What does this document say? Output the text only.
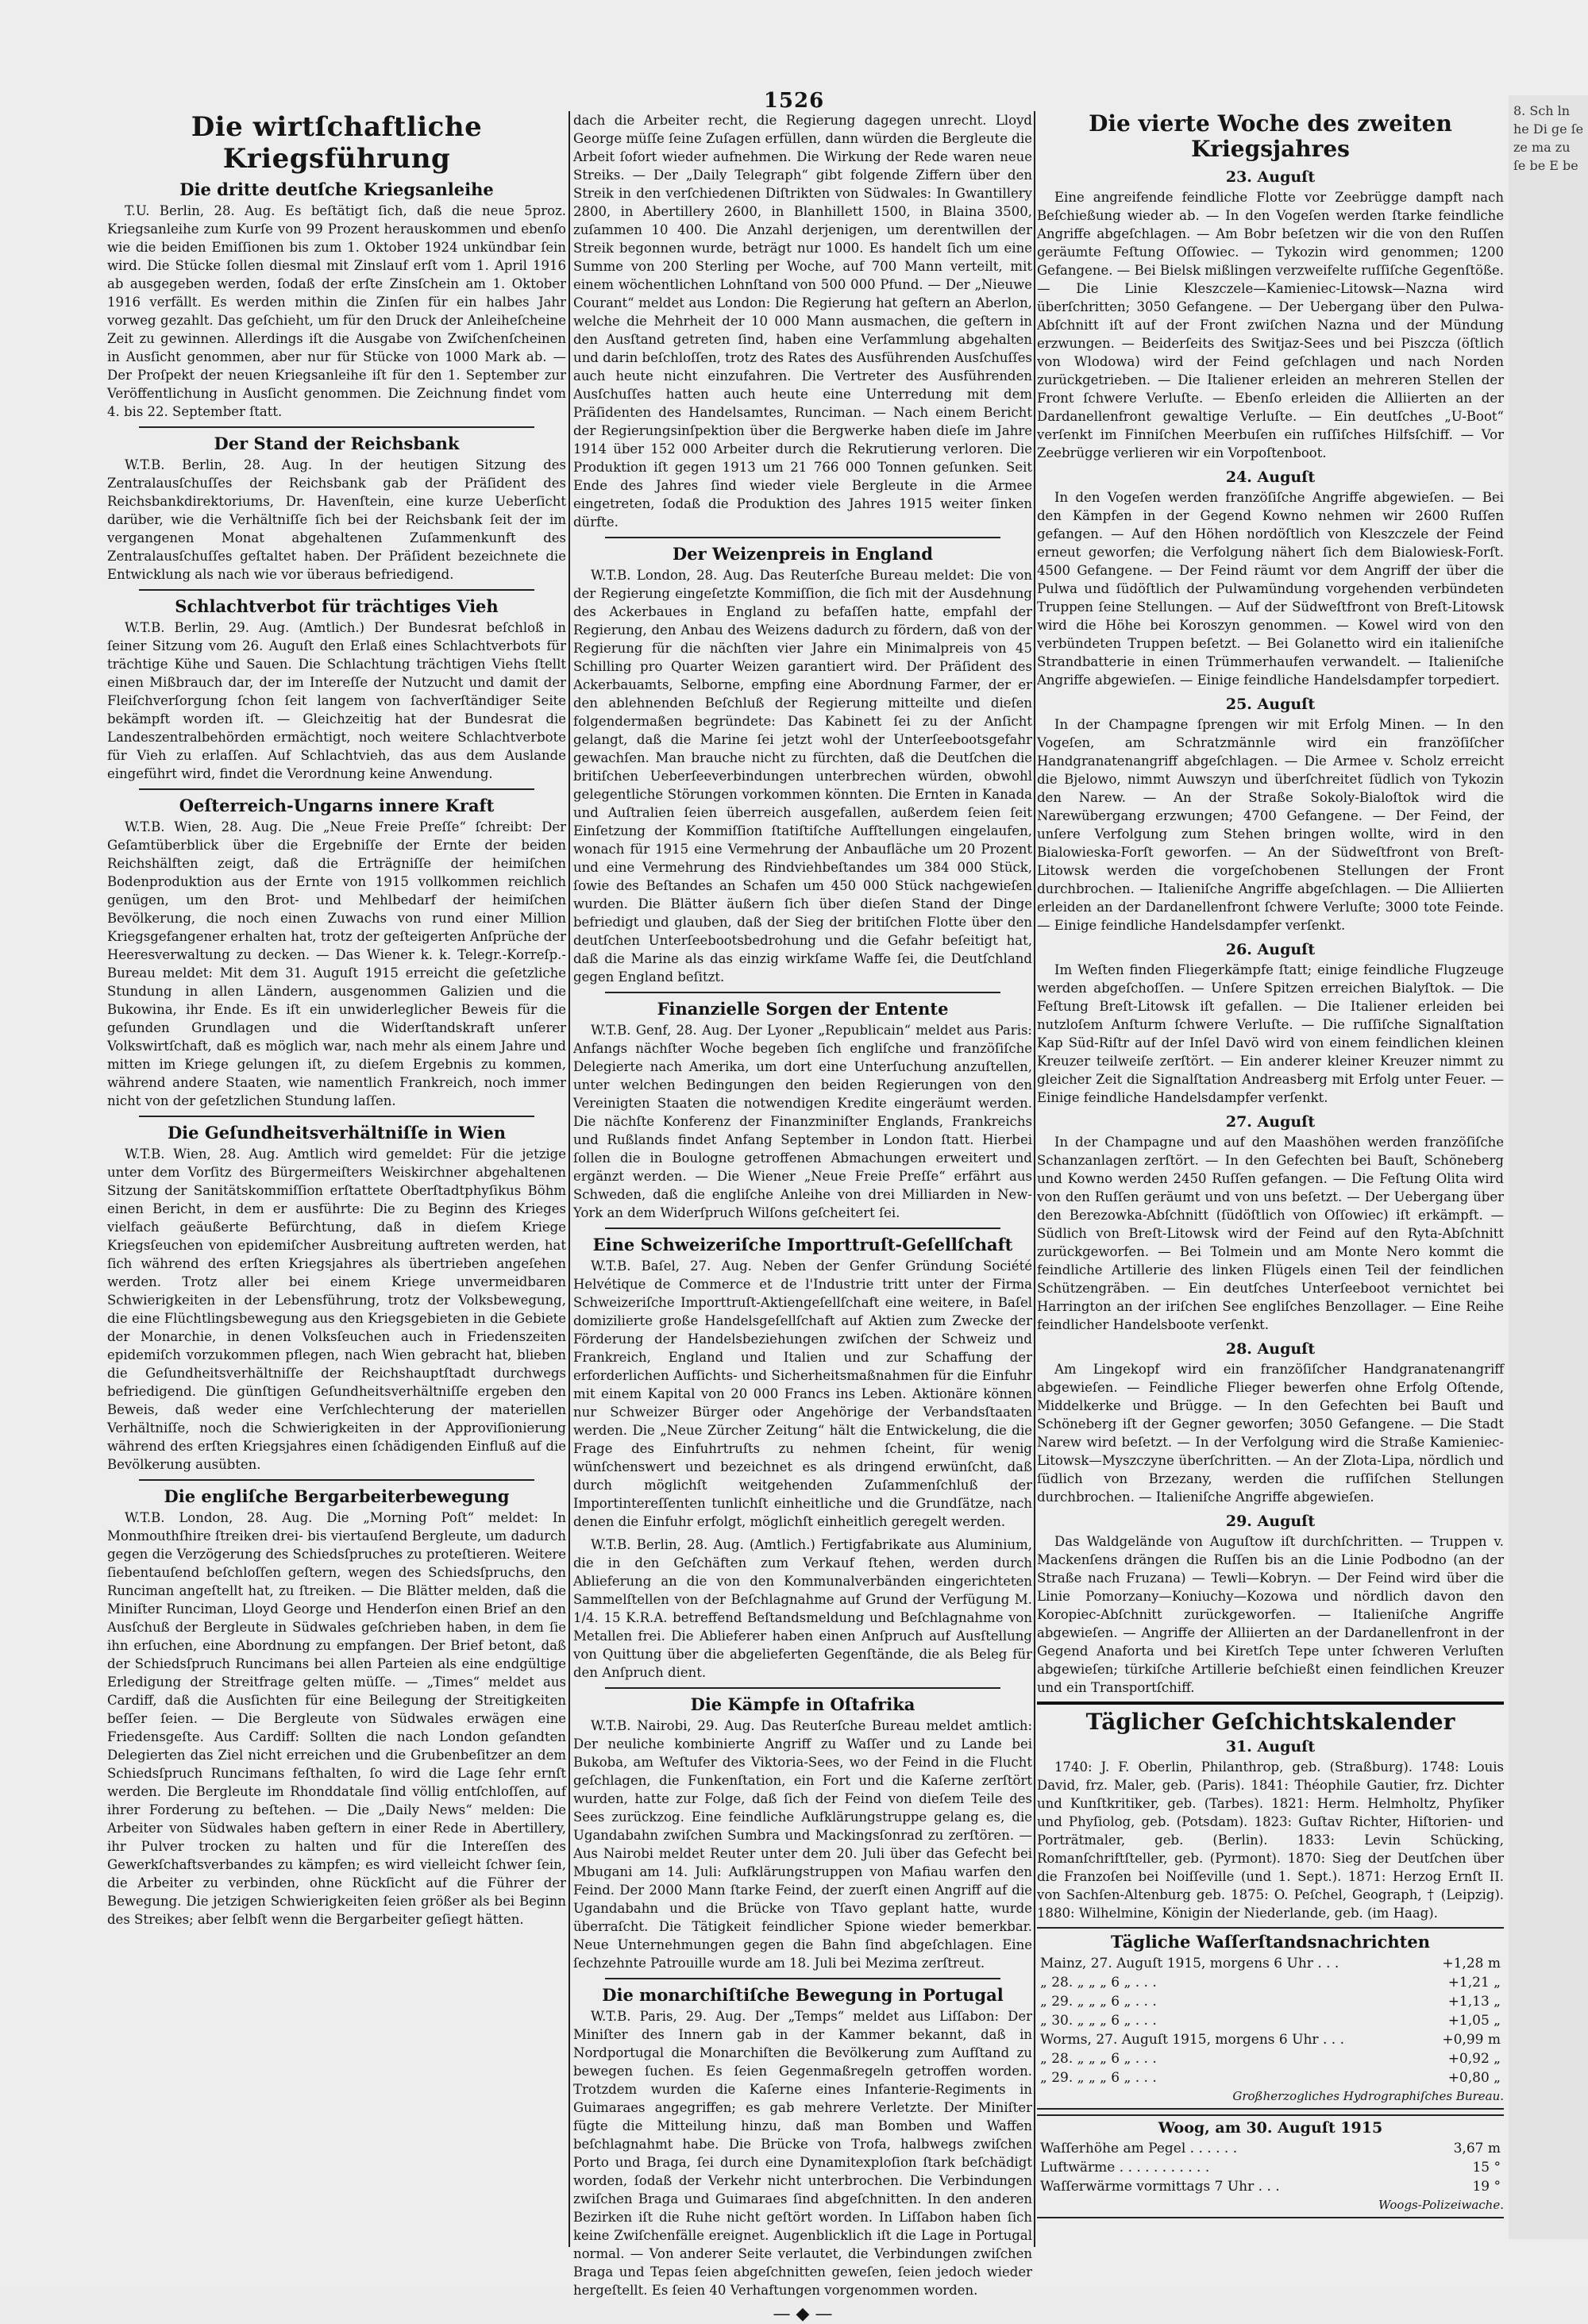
1526
Die wirtſchaftliche Kriegsführung
Die dritte deutſche Kriegsanleihe

T.U. Berlin, 28. Aug. Es beſtätigt ſich, daß die neue 5proz. Kriegsanleihe zum Kurſe von 99 Prozent herauskommen und ebenſo wie die beiden Emiſſionen bis zum 1. Oktober 1924 unkündbar ſein wird. Die Stücke ſollen diesmal mit Zinslauf erſt vom 1. April 1916 ab ausgegeben werden, ſodaß der erſte Zinsſchein am 1. Oktober 1916 verfällt. Es werden mithin die Zinſen für ein halbes Jahr vorweg gezahlt. Das geſchieht, um für den Druck der Anleiheſcheine Zeit zu gewinnen. Allerdings iſt die Ausgabe von Zwiſchenſcheinen in Ausſicht genommen, aber nur für Stücke von 1000 Mark ab. — Der Proſpekt der neuen Kriegsanleihe iſt für den 1. September zur Veröffentlichung in Ausſicht genommen. Die Zeichnung findet vom 4. bis 22. September ſtatt.

Der Stand der Reichsbank

W.T.B. Berlin, 28. Aug. In der heutigen Sitzung des Zentralausſchuſſes der Reichsbank gab der Präſident des Reichsbankdirektoriums, Dr. Havenſtein, eine kurze Ueberſicht darüber, wie die Verhältniſſe ſich bei der Reichsbank ſeit der im vergangenen Monat abgehaltenen Zuſammenkunft des Zentralausſchuſſes geſtaltet haben. Der Präſident bezeichnete die Entwicklung als nach wie vor überaus befriedigend.

Schlachtverbot für trächtiges Vieh

W.T.B. Berlin, 29. Aug. (Amtlich.) Der Bundesrat beſchloß in ſeiner Sitzung vom 26. Auguſt den Erlaß eines Schlachtverbots für trächtige Kühe und Sauen. Die Schlachtung trächtigen Viehs ſtellt einen Mißbrauch dar, der im Intereſſe der Nutzucht und damit der Fleiſchverſorgung ſchon ſeit langem von ſachverſtändiger Seite bekämpft worden iſt. — Gleichzeitig hat der Bundesrat die Landeszentralbehörden ermächtigt, noch weitere Schlachtverbote für Vieh zu erlaſſen. Auf Schlachtvieh, das aus dem Auslande eingeführt wird, findet die Verordnung keine Anwendung.

Oeſterreich-Ungarns innere Kraft

W.T.B. Wien, 28. Aug. Die „Neue Freie Preſſe“ ſchreibt: Der Geſamtüberblick über die Ergebniſſe der Ernte der beiden Reichshälften zeigt, daß die Erträgniſſe der heimiſchen Bodenproduktion aus der Ernte von 1915 vollkommen reichlich genügen, um den Brot- und Mehlbedarf der heimiſchen Bevölkerung, die noch einen Zuwachs von rund einer Million Kriegsgefangener erhalten hat, trotz der geſteigerten Anſprüche der Heeresverwaltung zu decken. — Das Wiener k. k. Telegr.-Korreſp.-Bureau meldet: Mit dem 31. Auguſt 1915 erreicht die geſetzliche Stundung in allen Ländern, ausgenommen Galizien und die Bukowina, ihr Ende. Es iſt ein unwiderleglicher Beweis für die geſunden Grundlagen und die Widerſtandskraft unſerer Volkswirtſchaft, daß es möglich war, nach mehr als einem Jahre und mitten im Kriege gelungen iſt, zu dieſem Ergebnis zu kommen, während andere Staaten, wie namentlich Frankreich, noch immer nicht von der geſetzlichen Stundung laſſen.

Die Geſundheitsverhältniſſe in Wien

W.T.B. Wien, 28. Aug. Amtlich wird gemeldet: Für die jetzige unter dem Vorſitz des Bürgermeiſters Weiskirchner abgehaltenen Sitzung der Sanitätskommiſſion erſtattete Oberſtadtphyſikus Böhm einen Bericht, in dem er ausführte: Die zu Beginn des Krieges vielfach geäußerte Befürchtung, daß in dieſem Kriege Kriegsſeuchen von epidemiſcher Ausbreitung auftreten werden, hat ſich während des erſten Kriegsjahres als übertrieben angeſehen werden. Trotz aller bei einem Kriege unvermeidbaren Schwierigkeiten in der Lebensführung, trotz der Volksbewegung, die eine Flüchtlingsbewegung aus den Kriegsgebieten in die Gebiete der Monarchie, in denen Volksſeuchen auch in Friedenszeiten epidemiſch vorzukommen pflegen, nach Wien gebracht hat, blieben die Geſundheitsverhältniſſe der Reichshauptſtadt durchwegs befriedigend. Die günſtigen Geſundheitsverhältniſſe ergeben den Beweis, daß weder eine Verſchlechterung der materiellen Verhältniſſe, noch die Schwierigkeiten in der Approviſionierung während des erſten Kriegsjahres einen ſchädigenden Einfluß auf die Bevölkerung ausübten.

Die engliſche Bergarbeiterbewegung

W.T.B. London, 28. Aug. Die „Morning Poſt“ meldet: In Monmouthſhire ſtreiken drei- bis viertauſend Bergleute, um dadurch gegen die Verzögerung des Schiedsſpruches zu proteſtieren. Weitere ſiebentauſend beſchloſſen geſtern, wegen des Schiedsſpruchs, den Runciman angeſtellt hat, zu ſtreiken. — Die Blätter melden, daß die Miniſter Runciman, Lloyd George und Henderſon einen Brief an den Ausſchuß der Bergleute in Südwales geſchrieben haben, in dem ſie ihn erſuchen, eine Abordnung zu empfangen. Der Brief betont, daß der Schiedsſpruch Runcimans bei allen Parteien als eine endgültige Erledigung der Streitfrage gelten müſſe. — „Times“ meldet aus Cardiff, daß die Ausſichten für eine Beilegung der Streitigkeiten beſſer ſeien. — Die Bergleute von Südwales erwägen eine Friedensgeſte. Aus Cardiff: Sollten die nach London geſandten Delegierten das Ziel nicht erreichen und die Grubenbeſitzer an dem Schiedsſpruch Runcimans feſthalten, ſo wird die Lage ſehr ernſt werden. Die Bergleute im Rhonddatale ſind völlig entſchloſſen, auf ihrer Forderung zu beſtehen. — Die „Daily News“ melden: Die Arbeiter von Südwales haben geſtern in einer Rede in Abertillery, ihr Pulver trocken zu halten und für die Intereſſen des Gewerkſchaftsverbandes zu kämpfen; es wird vielleicht ſchwer ſein, die Arbeiter zu verbinden, ohne Rückſicht auf die Führer der Bewegung. Die jetzigen Schwierigkeiten ſeien größer als bei Beginn des Streikes; aber ſelbſt wenn die Bergarbeiter geſiegt hätten.

dach die Arbeiter recht, die Regierung dagegen unrecht. Lloyd George müſſe ſeine Zuſagen erfüllen, dann würden die Bergleute die Arbeit ſofort wieder aufnehmen. Die Wirkung der Rede waren neue Streiks. — Der „Daily Telegraph“ gibt folgende Ziffern über den Streik in den verſchiedenen Diſtrikten von Südwales: In Gwantillery 2800, in Abertillery 2600, in Blanhillett 1500, in Blaina 3500, zuſammen 10 400. Die Anzahl derjenigen, um derentwillen der Streik begonnen wurde, beträgt nur 1000. Es handelt ſich um eine Summe von 200 Sterling per Woche, auf 700 Mann verteilt, mit einem wöchentlichen Lohnſtand von 500 000 Pfund. — Der „Nieuwe Courant“ meldet aus London: Die Regierung hat geſtern an Aberlon, welche die Mehrheit der 10 000 Mann ausmachen, die geſtern in den Ausſtand getreten ſind, haben eine Verſammlung abgehalten und darin beſchloſſen, trotz des Rates des Ausführenden Ausſchuſſes auch heute nicht einzufahren. Die Vertreter des Ausführenden Ausſchuſſes hatten auch heute eine Unterredung mit dem Präſidenten des Handelsamtes, Runciman. — Nach einem Bericht der Regierungsinſpektion über die Bergwerke haben dieſe im Jahre 1914 über 152 000 Arbeiter durch die Rekrutierung verloren. Die Produktion iſt gegen 1913 um 21 766 000 Tonnen geſunken. Seit Ende des Jahres ſind wieder viele Bergleute in die Armee eingetreten, ſodaß die Produktion des Jahres 1915 weiter ſinken dürfte.

Der Weizenpreis in England

W.T.B. London, 28. Aug. Das Reuterſche Bureau meldet: Die von der Regierung eingeſetzte Kommiſſion, die ſich mit der Ausdehnung des Ackerbaues in England zu befaſſen hatte, empfahl der Regierung, den Anbau des Weizens dadurch zu fördern, daß von der Regierung für die nächſten vier Jahre ein Minimalpreis von 45 Schilling pro Quarter Weizen garantiert wird. Der Präſident des Ackerbauamts, Selborne, empfing eine Abordnung Farmer, der er den ablehnenden Beſchluß der Regierung mitteilte und dieſen folgendermaßen begründete: Das Kabinett ſei zu der Anſicht gelangt, daß die Marine ſei jetzt wohl der Unterſeebootsgefahr gewachſen. Man brauche nicht zu fürchten, daß die Deutſchen die britiſchen Ueberſeeverbindungen unterbrechen würden, obwohl gelegentliche Störungen vorkommen könnten. Die Ernten in Kanada und Auſtralien ſeien überreich ausgefallen, außerdem ſeien ſeit Einſetzung der Kommiſſion ſtatiſtiſche Aufſtellungen eingelaufen, wonach für 1915 eine Vermehrung der Anbaufläche um 20 Prozent und eine Vermehrung des Rindviehbeſtandes um 384 000 Stück, ſowie des Beſtandes an Schafen um 450 000 Stück nachgewieſen wurden. Die Blätter äußern ſich über dieſen Stand der Dinge befriedigt und glauben, daß der Sieg der britiſchen Flotte über den deutſchen Unterſeebootsbedrohung und die Gefahr beſeitigt hat, daß die Marine als das einzig wirkſame Waffe ſei, die Deutſchland gegen England beſitzt.

Finanzielle Sorgen der Entente

W.T.B. Genf, 28. Aug. Der Lyoner „Republicain“ meldet aus Paris: Anfangs nächſter Woche begeben ſich engliſche und franzöſiſche Delegierte nach Amerika, um dort eine Unterſuchung anzuſtellen, unter welchen Bedingungen den beiden Regierungen von den Vereinigten Staaten die notwendigen Kredite eingeräumt werden. Die nächſte Konferenz der Finanzminiſter Englands, Frankreichs und Rußlands findet Anfang September in London ſtatt. Hierbei ſollen die in Boulogne getroffenen Abmachungen erweitert und ergänzt werden. — Die Wiener „Neue Freie Preſſe“ erfährt aus Schweden, daß die engliſche Anleihe von drei Milliarden in New-York an dem Widerſpruch Wilſons geſcheitert ſei.

Eine Schweizeriſche Importtruſt-Geſellſchaft

W.T.B. Baſel, 27. Aug. Neben der Genfer Gründung Société Helvétique de Commerce et de l'Industrie tritt unter der Firma Schweizeriſche Importtruſt-Aktiengeſellſchaft eine weitere, in Baſel domizilierte große Handelsgeſellſchaft auf Aktien zum Zwecke der Förderung der Handelsbeziehungen zwiſchen der Schweiz und Frankreich, England und Italien und zur Schaffung der erforderlichen Aufſichts- und Sicherheitsmaßnahmen für die Einfuhr mit einem Kapital von 20 000 Francs ins Leben. Aktionäre können nur Schweizer Bürger oder Angehörige der Verbandsſtaaten werden. Die „Neue Zürcher Zeitung“ hält die Entwickelung, die die Frage des Einfuhrtruſts zu nehmen ſcheint, für wenig wünſchenswert und bezeichnet es als dringend erwünſcht, daß durch möglichſt weitgehenden Zuſammenſchluß der Importintereſſenten tunlichſt einheitliche und die Grundſätze, nach denen die Einfuhr erfolgt, möglichſt einheitlich geregelt werden.

W.T.B. Berlin, 28. Aug. (Amtlich.) Fertigfabrikate aus Aluminium, die in den Geſchäften zum Verkauf ſtehen, werden durch Ablieferung an die von den Kommunalverbänden eingerichteten Sammelſtellen von der Beſchlagnahme auf Grund der Verfügung M. 1/4. 15 K.R.A. betreffend Beſtandsmeldung und Beſchlagnahme von Metallen frei. Die Ablieferer haben einen Anſpruch auf Ausſtellung von Quittung über die abgelieferten Gegenſtände, die als Beleg für den Anſpruch dient.

Die Kämpfe in Oſtafrika

W.T.B. Nairobi, 29. Aug. Das Reuterſche Bureau meldet amtlich: Der neuliche kombinierte Angriff zu Waſſer und zu Lande bei Bukoba, am Weſtufer des Viktoria-Sees, wo der Feind in die Flucht geſchlagen, die Funkenſtation, ein Fort und die Kaſerne zerſtört wurden, hatte zur Folge, daß ſich der Feind von dieſem Teile des Sees zurückzog. Eine feindliche Aufklärungstruppe gelang es, die Ugandabahn zwiſchen Sumbra und Mackingsſonrad zu zerſtören. — Aus Nairobi meldet Reuter unter dem 20. Juli über das Gefecht bei Mbugani am 14. Juli: Aufklärungstruppen von Mafiau warfen den Feind. Der 2000 Mann ſtarke Feind, der zuerſt einen Angriff auf die Ugandabahn und die Brücke von Tſavo geplant hatte, wurde überraſcht. Die Tätigkeit feindlicher Spione wieder bemerkbar. Neue Unternehmungen gegen die Bahn ſind abgeſchlagen. Eine ſechzehnte Patrouille wurde am 18. Juli bei Mezima zerſtreut.

Die monarchiſtiſche Bewegung in Portugal

W.T.B. Paris, 29. Aug. Der „Temps“ meldet aus Liſſabon: Der Miniſter des Innern gab in der Kammer bekannt, daß in Nordportugal die Monarchiſten die Bevölkerung zum Aufſtand zu bewegen ſuchen. Es ſeien Gegenmaßregeln getroffen worden. Trotzdem wurden die Kaſerne eines Infanterie-Regiments in Guimaraes angegriffen; es gab mehrere Verletzte. Der Miniſter fügte die Mitteilung hinzu, daß man Bomben und Waffen beſchlagnahmt habe. Die Brücke von Trofa, halbwegs zwiſchen Porto und Braga, ſei durch eine Dynamitexploſion ſtark beſchädigt worden, ſodaß der Verkehr nicht unterbrochen. Die Verbindungen zwiſchen Braga und Guimaraes ſind abgeſchnitten. In den anderen Bezirken iſt die Ruhe nicht geſtört worden. In Liſſabon haben ſich keine Zwiſchenfälle ereignet. Augenblicklich iſt die Lage in Portugal normal. — Von anderer Seite verlautet, die Verbindungen zwiſchen Braga und Tepas ſeien abgeſchnitten geweſen, ſeien jedoch wieder hergeſtellt. Es ſeien 40 Verhaftungen vorgenommen worden.

— ◆ —
Die vierte Woche des zweiten Kriegsjahres
23. Auguſt

Eine angreifende feindliche Flotte vor Zeebrügge dampft nach Beſchießung wieder ab. — In den Vogeſen werden ſtarke feindliche Angriffe abgeſchlagen. — Am Bobr beſetzen wir die von den Ruſſen geräumte Feſtung Oſſowiec. — Tykozin wird genommen; 1200 Gefangene. — Bei Bielsk mißlingen verzweifelte ruſſiſche Gegenſtöße. — Die Linie Kleszczele—Kamieniec-Litowsk—Nazna wird überſchritten; 3050 Gefangene. — Der Uebergang über den Pulwa-Abſchnitt iſt auf der Front zwiſchen Nazna und der Mündung erzwungen. — Beiderſeits des Switjaz-Sees und bei Piszcza (öſtlich von Wlodowa) wird der Feind geſchlagen und nach Norden zurückgetrieben. — Die Italiener erleiden an mehreren Stellen der Front ſchwere Verluſte. — Ebenſo erleiden die Alliierten an der Dardanellenfront gewaltige Verluſte. — Ein deutſches „U-Boot“ verſenkt im Finniſchen Meerbuſen ein ruſſiſches Hilfsſchiff. — Vor Zeebrügge verlieren wir ein Vorpoſtenboot.

24. Auguſt

In den Vogeſen werden franzöſiſche Angriffe abgewieſen. — Bei den Kämpfen in der Gegend Kowno nehmen wir 2600 Ruſſen gefangen. — Auf den Höhen nordöſtlich von Kleszczele der Feind erneut geworfen; die Verfolgung nähert ſich dem Bialowiesk-Forſt. 4500 Gefangene. — Der Feind räumt vor dem Angriff der über die Pulwa und ſüdöſtlich der Pulwamündung vorgehenden verbündeten Truppen ſeine Stellungen. — Auf der Südweſtfront von Breſt-Litowsk wird die Höhe bei Koroszyn genommen. — Kowel wird von den verbündeten Truppen beſetzt. — Bei Golanetto wird ein italieniſche Strandbatterie in einen Trümmerhaufen verwandelt. — Italieniſche Angriffe abgewieſen. — Einige feindliche Handelsdampfer torpediert.

25. Auguſt

In der Champagne ſprengen wir mit Erfolg Minen. — In den Vogeſen, am Schratzmännle wird ein franzöſiſcher Handgranatenangriff abgeſchlagen. — Die Armee v. Scholz erreicht die Bjelowo, nimmt Auwszyn und überſchreitet ſüdlich von Tykozin den Narew. — An der Straße Sokoly-Bialoſtok wird die Narewübergang erzwungen; 4700 Gefangene. — Der Feind, der unſere Verfolgung zum Stehen bringen wollte, wird in den Bialowieska-Forſt geworfen. — An der Südweſtfront von Breſt-Litowsk werden die vorgeſchobenen Stellungen der Front durchbrochen. — Italieniſche Angriffe abgeſchlagen. — Die Alliierten erleiden an der Dardanellenfront ſchwere Verluſte; 3000 tote Feinde. — Einige feindliche Handelsdampfer verſenkt.

26. Auguſt

Im Weſten finden Fliegerkämpfe ſtatt; einige feindliche Flugzeuge werden abgeſchoſſen. — Unſere Spitzen erreichen Bialyſtok. — Die Feſtung Breſt-Litowsk iſt gefallen. — Die Italiener erleiden bei nutzloſem Anſturm ſchwere Verluſte. — Die ruſſiſche Signalſtation Kap Süd-Riſtr auf der Inſel Davö wird von einem feindlichen kleinen Kreuzer teilweiſe zerſtört. — Ein anderer kleiner Kreuzer nimmt zu gleicher Zeit die Signalſtation Andreasberg mit Erfolg unter Feuer. — Einige feindliche Handelsdampfer verſenkt.

27. Auguſt

In der Champagne und auf den Maashöhen werden franzöſiſche Schanzanlagen zerſtört. — In den Gefechten bei Bauſt, Schöneberg und Kowno werden 2450 Ruſſen gefangen. — Die Feſtung Olita wird von den Ruſſen geräumt und von uns beſetzt. — Der Uebergang über den Berezowka-Abſchnitt (ſüdöſtlich von Oſſowiec) iſt erkämpft. — Südlich von Breſt-Litowsk wird der Feind auf den Ryta-Abſchnitt zurückgeworfen. — Bei Tolmein und am Monte Nero kommt die feindliche Artillerie des linken Flügels einen Teil der feindlichen Schützengräben. — Ein deutſches Unterſeeboot vernichtet bei Harrington an der iriſchen See engliſches Benzollager. — Eine Reihe feindlicher Handelsboote verſenkt.

28. Auguſt

Am Lingekopf wird ein franzöſiſcher Handgranatenangriff abgewieſen. — Feindliche Flieger bewerfen ohne Erfolg Oſtende, Middelkerke und Brügge. — In den Gefechten bei Bauſt und Schöneberg iſt der Gegner geworfen; 3050 Gefangene. — Die Stadt Narew wird beſetzt. — In der Verfolgung wird die Straße Kamieniec-Litowsk—Myszczyne überſchritten. — An der Zlota-Lipa, nördlich und ſüdlich von Brzezany, werden die ruſſiſchen Stellungen durchbrochen. — Italieniſche Angriffe abgewieſen.

29. Auguſt

Das Waldgelände von Auguſtow iſt durchſchritten. — Truppen v. Mackenſens drängen die Ruſſen bis an die Linie Podbodno (an der Straße nach Fruzana) — Tewli—Kobryn. — Der Feind wird über die Linie Pomorzany—Koniuchy—Kozowa und nördlich davon den Koropiec-Abſchnitt zurückgeworfen. — Italieniſche Angriffe abgewieſen. — Angriffe der Alliierten an der Dardanellenfront in der Gegend Anaforta und bei Kiretſch Tepe unter ſchweren Verluſten abgewieſen; türkiſche Artillerie beſchießt einen feindlichen Kreuzer und ein Transportſchiff.

Täglicher Geſchichtskalender
31. Auguſt

1740: J. F. Oberlin, Philanthrop, geb. (Straßburg). 1748: Louis David, frz. Maler, geb. (Paris). 1841: Théophile Gautier, frz. Dichter und Kunſtkritiker, geb. (Tarbes). 1821: Herm. Helmholtz, Phyſiker und Phyſiolog, geb. (Potsdam). 1823: Guſtav Richter, Hiſtorien- und Porträtmaler, geb. (Berlin). 1833: Levin Schücking, Romanſchriftſteller, geb. (Pyrmont). 1870: Sieg der Deutſchen über die Franzoſen bei Noiſſeville (und 1. Sept.). 1871: Herzog Ernſt II. von Sachſen-Altenburg geb. 1875: O. Peſchel, Geograph, † (Leipzig). 1880: Wilhelmine, Königin der Niederlande, geb. (im Haag).

Tägliche Waſſerſtandsnachrichten
Mainz, 27. Auguſt 1915, morgens 6 Uhr . . .	+1,28 m
„ 28. „ „ „ 6 „ . . .	+1,21 „
„ 29. „ „ „ 6 „ . . .	+1,13 „
„ 30. „ „ „ 6 „ . . .	+1,05 „
Worms, 27. Auguſt 1915, morgens 6 Uhr . . .	+0,99 m
„ 28. „ „ „ 6 „ . . .	+0,92 „
„ 29. „ „ „ 6 „ . . .	+0,80 „
Großherzogliches Hydrographiſches Bureau.
Woog, am 30. Auguſt 1915
Waſſerhöhe am Pegel . . . . . .	3,67 m
Luftwärme . . . . . . . . . . .	15 °
Waſſerwärme vormittags 7 Uhr . . .	19 °
Woogs-Polizeiwache.
8. Sch ln he Di ge ſe ze ma zu ſe be E be
